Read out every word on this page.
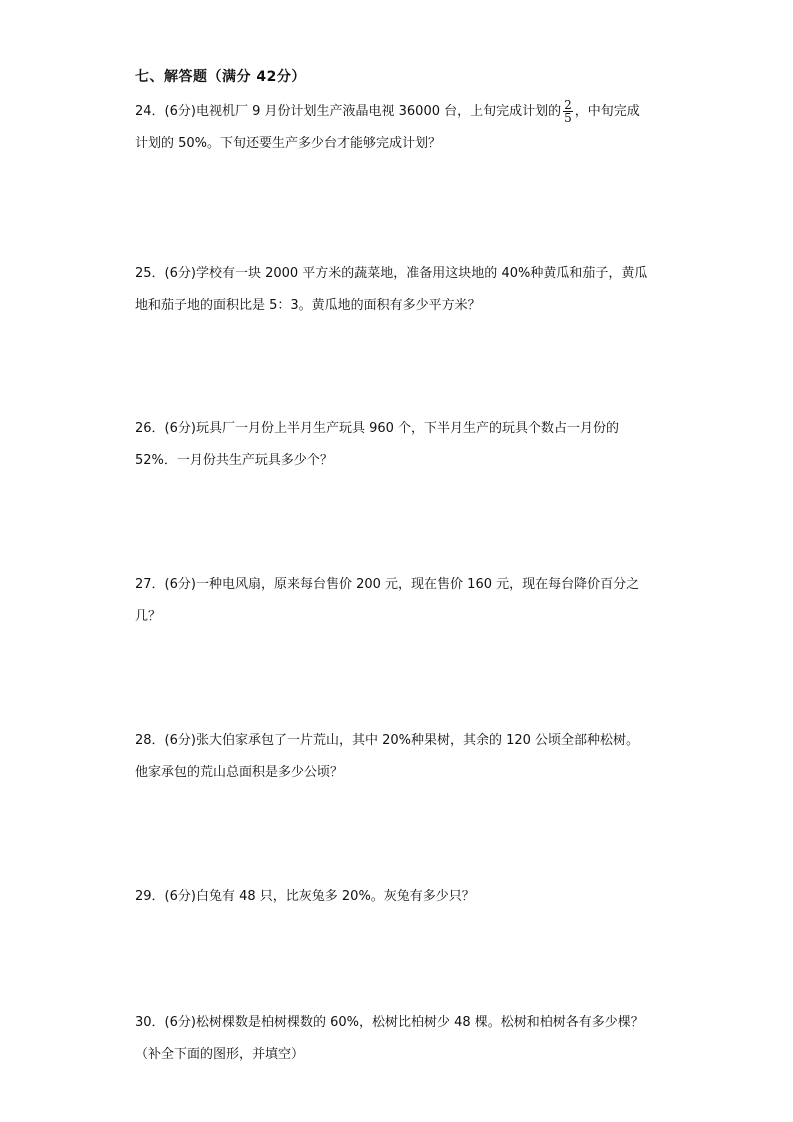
七、解答题（满分 42分）
24．(6分)电视机厂 9 月份计划生产液晶电视 36000 台，上旬完成计划的 $\frac{2}{5}$ ，中旬完成
计划的 50%。下旬还要生产多少台才能够完成计划？
25．(6分)学校有一块 2000 平方米的蔬菜地，准备用这块地的 40%种黄瓜和茄子，黄瓜
地和茄子地的面积比是 5：3。黄瓜地的面积有多少平方米？
26．(6分)玩具厂一月份上半月生产玩具 960 个，下半月生产的玩具个数占一月份的
52%．一月份共生产玩具多少个？
27．(6分)一种电风扇，原来每台售价 200 元，现在售价 160 元，现在每台降价百分之
几？
28．(6分)张大伯家承包了一片荒山，其中 20%种果树，其余的 120 公顷全部种松树。
他家承包的荒山总面积是多少公顷？
29．(6分)白兔有 48 只，比灰兔多 20%。灰兔有多少只？
30．(6分)松树棵数是柏树棵数的 60%，松树比柏树少 48 棵。松树和柏树各有多少棵？
（补全下面的图形，并填空）
